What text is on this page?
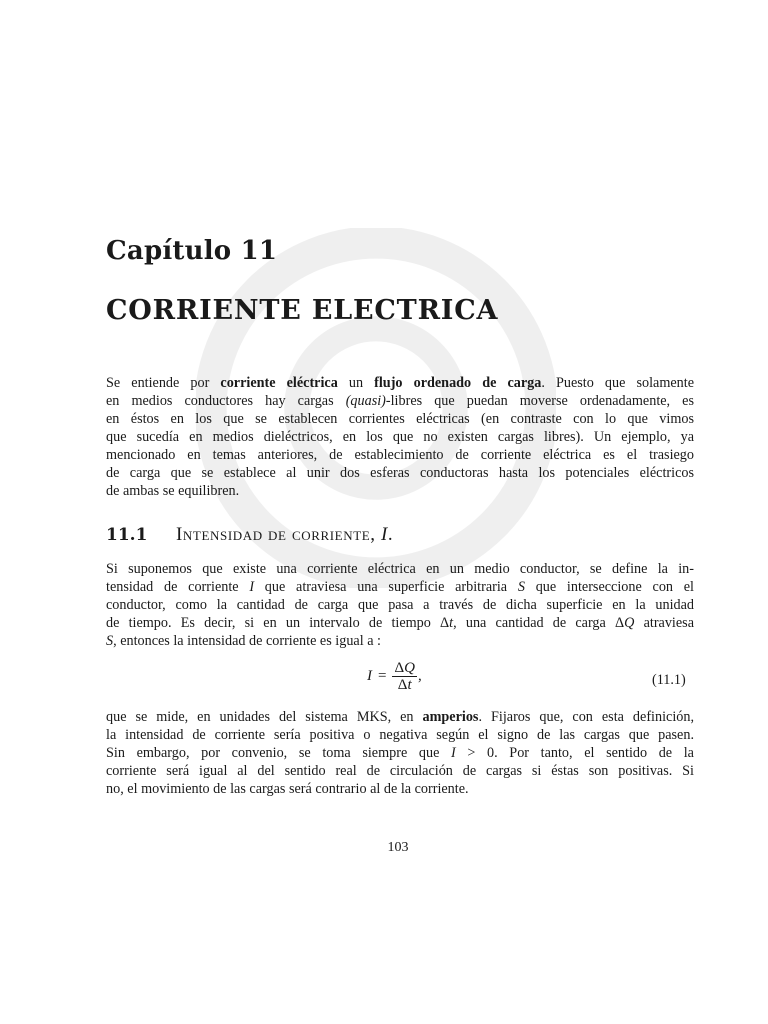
Capítulo 11
CORRIENTE ELECTRICA
Se entiende por corriente eléctrica un flujo ordenado de carga. Puesto que solamente
en medios conductores hay cargas (quasi)-libres que puedan moverse ordenadamente, es
en éstos en los que se establecen corrientes eléctricas (en contraste con lo que vimos
que sucedía en medios dieléctricos, en los que no existen cargas libres). Un ejemplo, ya
mencionado en temas anteriores, de establecimiento de corriente eléctrica es el trasiego
de carga que se establece al unir dos esferas conductoras hasta los potenciales eléctricos
de ambas se equilibren.
11.1 Intensidad de corriente, I.
Si suponemos que existe una corriente eléctrica en un medio conductor, se define la in-
tensidad de corriente I que atraviesa una superficie arbitraria S que interseccione con el
conductor, como la cantidad de carga que pasa a través de dicha superficie en la unidad
de tiempo. Es decir, si en un intervalo de tiempo Δt, una cantidad de carga ΔQ atraviesa
S, entonces la intensidad de corriente es igual a :
$I = \frac{\Delta Q}{\Delta t}$ ,	(11.1)
que se mide, en unidades del sistema MKS, en amperios. Fijaros que, con esta definición,
la intensidad de corriente sería positiva o negativa según el signo de las cargas que pasen.
Sin embargo, por convenio, se toma siempre que I > 0. Por tanto, el sentido de la
corriente será igual al del sentido real de circulación de cargas si éstas son positivas. Si
no, el movimiento de las cargas será contrario al de la corriente.
103
